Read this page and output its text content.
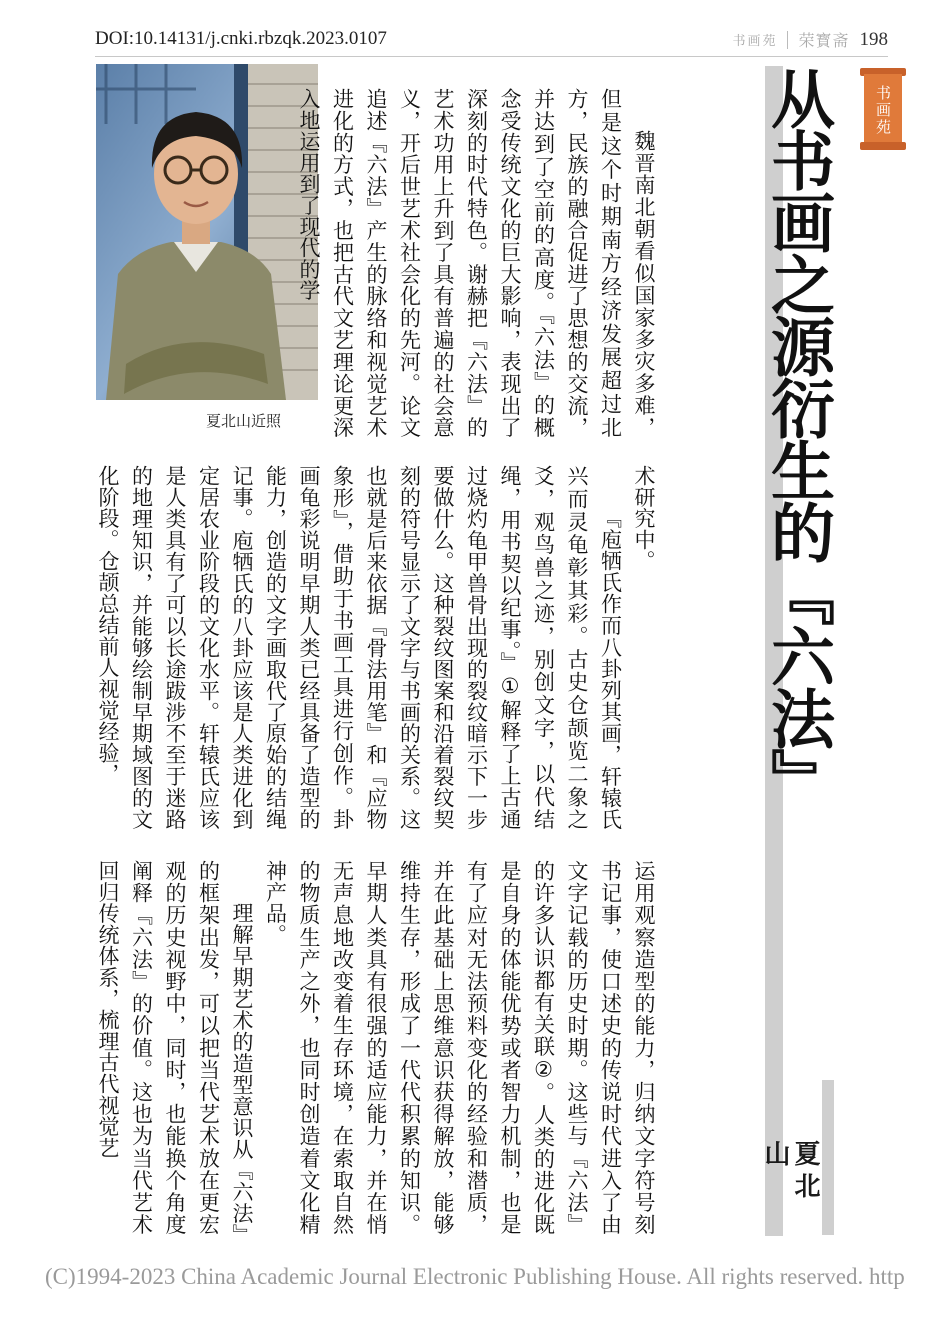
DOI:10.14131/j.cnki.rbzqk.2023.0107	书画苑 荣寳斋 198
书画苑
从书画之源衍生的『六法』
夏北山
夏北山近照	魏晋南北朝看似国家多灾多难，但是这个时期南方经济发展超过北方，民族的融合促进了思想的交流，并达到了空前的高度。『六法』的概念受传统文化的巨大影响，表现出了深刻的时代特色。谢赫把『六法』的艺术功用上升到了具有普遍的社会意义，开后世艺术社会化的先河。论文追述『六法』产生的脉络和视觉艺术进化的方式，也把古代文艺理论更深入地运用到了现代的学

术研究中。

『庖牺氏作而八卦列其画，轩辕氏兴而灵龟彰其彩。古史仓颉览二象之爻，观鸟兽之迹，别创文字，以代结绳，用书契以纪事。』①解释了上古通过烧灼龟甲兽骨出现的裂纹暗示下一步要做什么。这种裂纹图案和沿着裂纹契刻的符号显示了文字与书画的关系。这也就是后来依据『骨法用笔』和『应物象形』，借助于书画工具进行创作。卦画龟彩说明早期人类已经具备了造型的能力，创造的文字画取代了原始的结绳记事。庖牺氏的八卦应该是人类进化到定居农业阶段的文化水平。轩辕氏应该是人类具有了可以长途跋涉不至于迷路的地理知识，并能够绘制早期域图的文化阶段。仓颉总结前人视觉经验，

运用观察造型的能力，归纳文字符号刻书记事，使口述史的传说时代进入了由文字记载的历史时期。这些与『六法』的许多认识都有关联②。人类的进化既是自身的体能优势或者智力机制，也是有了应对无法预料变化的经验和潜质，并在此基础上思维意识获得解放，能够维持生存，形成了一代代积累的知识。早期人类具有很强的适应能力，并在悄无声息地改变着生存环境，在索取自然的物质生产之外，也同时创造着文化精神产品。

理解早期艺术的造型意识从『六法』的框架出发，可以把当代艺术放在更宏观的历史视野中，同时，也能换个角度阐释『六法』的价值。这也为当代艺术回归传统体系，梳理古代视觉艺

(C)1994-2023 China Academic Journal Electronic Publishing House. All rights reserved. http
